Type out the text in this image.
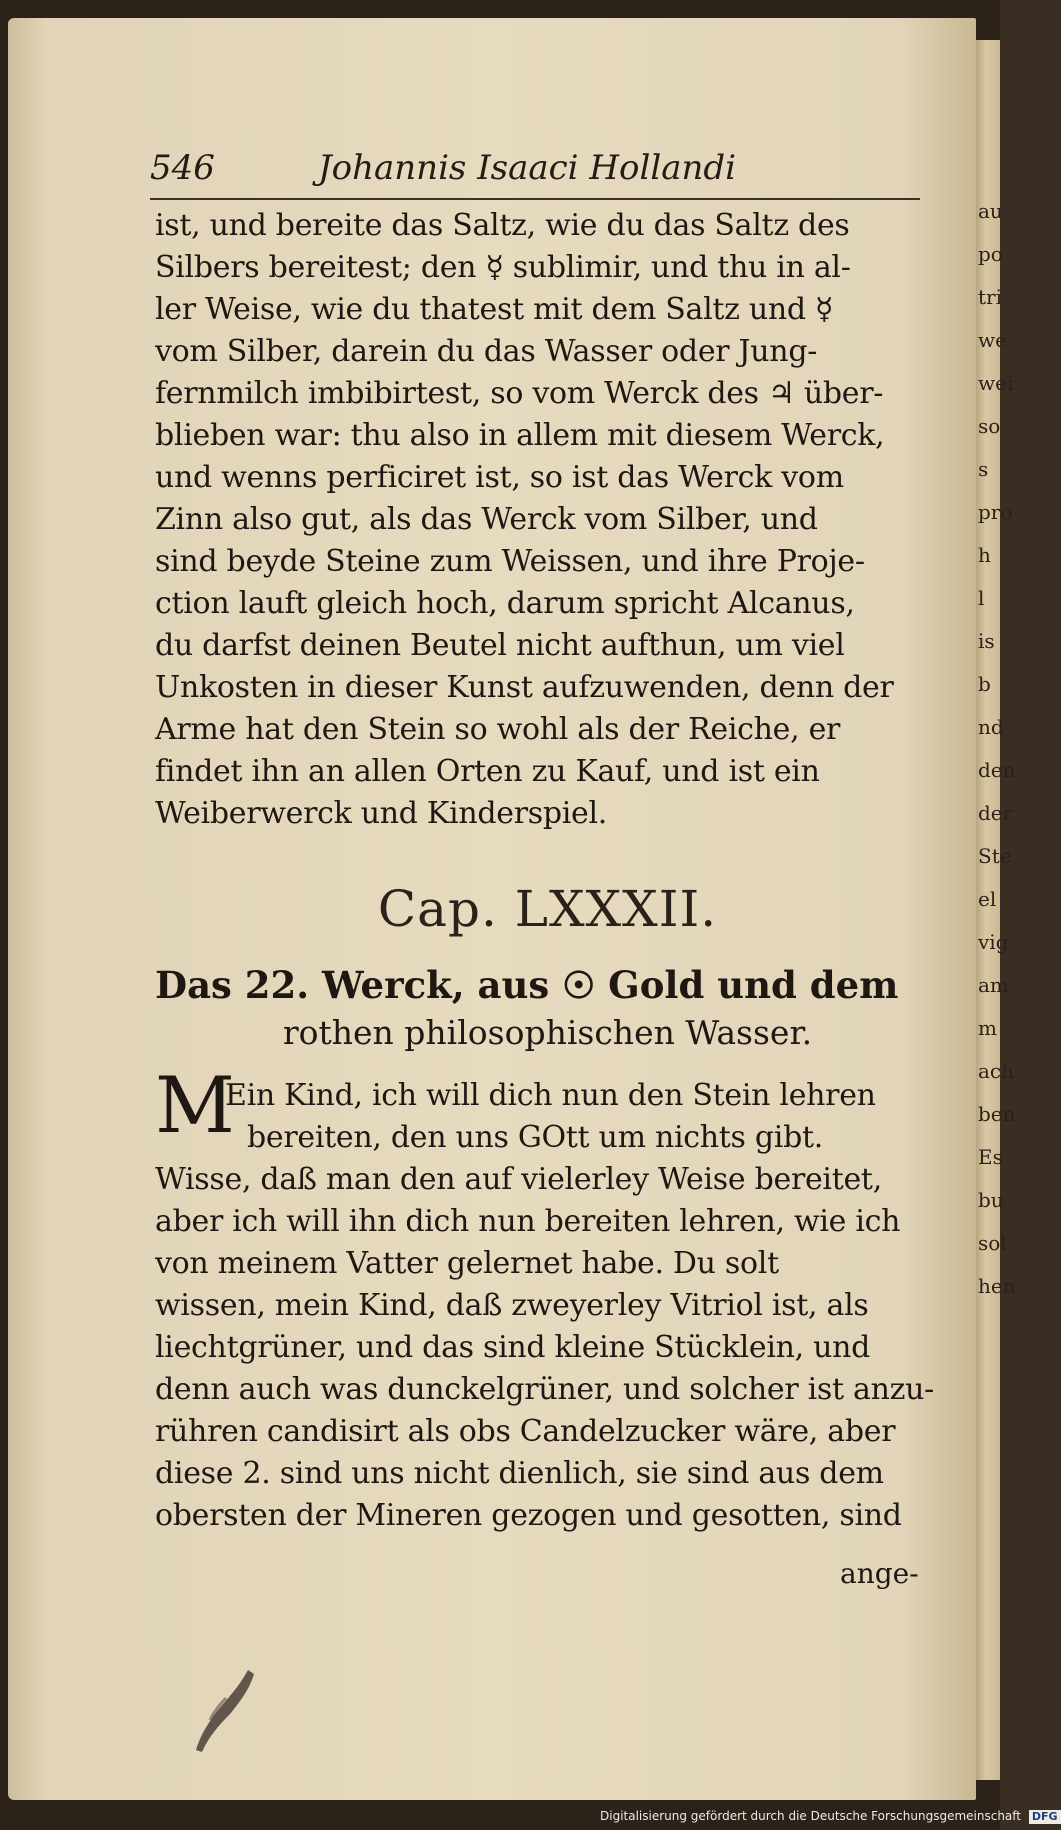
au
po
tri
we
wei
so
s
pro
h
l
is
b
nd
den
der
Ste
el
vig
am
m
ach
ben
Es
bu
sol
hen
546	Johannis Isaaci Hollandi
ist, und bereite das Saltz, wie du das Saltz des
Silbers bereitest; den ☿ sublimir, und thu in al-
ler Weise, wie du thatest mit dem Saltz und ☿
vom Silber, darein du das Wasser oder Jung-
fernmilch imbibirtest, so vom Werck des ♃ über-
blieben war: thu also in allem mit diesem Werck,
und wenns perficiret ist, so ist das Werck vom
Zinn also gut, als das Werck vom Silber, und
sind beyde Steine zum Weissen, und ihre Proje-
ction lauft gleich hoch, darum spricht Alcanus,
du darfst deinen Beutel nicht aufthun, um viel
Unkosten in dieser Kunst aufzuwenden, denn der
Arme hat den Stein so wohl als der Reiche, er
findet ihn an allen Orten zu Kauf, und ist ein
Weiberwerck und Kinderspiel.
Cap. LXXXII.
Das 22. Werck, aus ☉ Gold und dem
rothen philosophischen Wasser.
M
Ein Kind, ich will dich nun den Stein lehren
bereiten, den uns GOtt um nichts gibt.
Wisse, daß man den auf vielerley Weise bereitet,
aber ich will ihn dich nun bereiten lehren, wie ich
von meinem Vatter gelernet habe. Du solt
wissen, mein Kind, daß zweyerley Vitriol ist, als
liechtgrüner, und das sind kleine Stücklein, und
denn auch was dunckelgrüner, und solcher ist anzu-
rühren candisirt als obs Candelzucker wäre, aber
diese 2. sind uns nicht dienlich, sie sind aus dem
obersten der Mineren gezogen und gesotten, sind
ange-
Digitalisierung gefördert durch die Deutsche Forschungsgemeinschaft DFG
